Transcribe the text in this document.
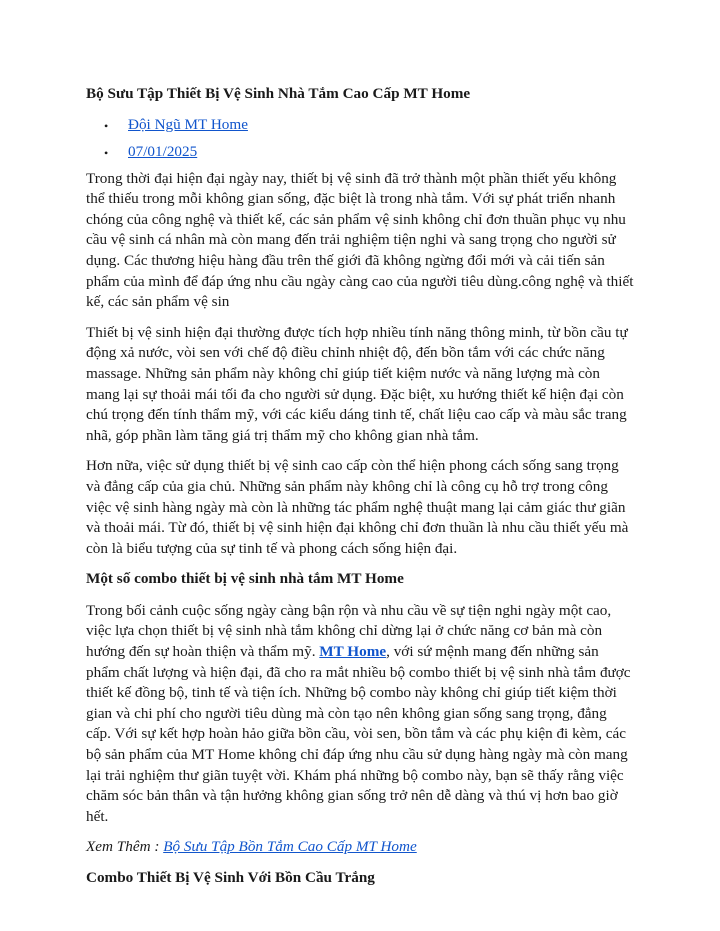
Bộ Sưu Tập Thiết Bị Vệ Sinh Nhà Tắm Cao Cấp MT Home
• Đội Ngũ MT Home
• 07/01/2025

Trong thời đại hiện đại ngày nay, thiết bị vệ sinh đã trở thành một phần thiết yếu không thể thiếu trong mỗi không gian sống, đặc biệt là trong nhà tắm. Với sự phát triển nhanh chóng của công nghệ và thiết kế, các sản phẩm vệ sinh không chỉ đơn thuần phục vụ nhu cầu vệ sinh cá nhân mà còn mang đến trải nghiệm tiện nghi và sang trọng cho người sử dụng. Các thương hiệu hàng đầu trên thế giới đã không ngừng đổi mới và cải tiến sản phẩm của mình để đáp ứng nhu cầu ngày càng cao của người tiêu dùng.công nghệ và thiết kế, các sản phẩm vệ sin

Thiết bị vệ sinh hiện đại thường được tích hợp nhiều tính năng thông minh, từ bồn cầu tự động xả nước, vòi sen với chế độ điều chỉnh nhiệt độ, đến bồn tắm với các chức năng massage. Những sản phẩm này không chỉ giúp tiết kiệm nước và năng lượng mà còn mang lại sự thoải mái tối đa cho người sử dụng. Đặc biệt, xu hướng thiết kế hiện đại còn chú trọng đến tính thẩm mỹ, với các kiểu dáng tinh tế, chất liệu cao cấp và màu sắc trang nhã, góp phần làm tăng giá trị thẩm mỹ cho không gian nhà tắm.

Hơn nữa, việc sử dụng thiết bị vệ sinh cao cấp còn thể hiện phong cách sống sang trọng và đẳng cấp của gia chủ. Những sản phẩm này không chỉ là công cụ hỗ trợ trong công việc vệ sinh hàng ngày mà còn là những tác phẩm nghệ thuật mang lại cảm giác thư giãn và thoải mái. Từ đó, thiết bị vệ sinh hiện đại không chỉ đơn thuần là nhu cầu thiết yếu mà còn là biểu tượng của sự tinh tế và phong cách sống hiện đại.

Một số combo thiết bị vệ sinh nhà tắm MT Home

Trong bối cảnh cuộc sống ngày càng bận rộn và nhu cầu về sự tiện nghi ngày một cao, việc lựa chọn thiết bị vệ sinh nhà tắm không chỉ dừng lại ở chức năng cơ bản mà còn hướng đến sự hoàn thiện và thẩm mỹ. MT Home, với sứ mệnh mang đến những sản phẩm chất lượng và hiện đại, đã cho ra mắt nhiều bộ combo thiết bị vệ sinh nhà tắm được thiết kế đồng bộ, tinh tế và tiện ích. Những bộ combo này không chỉ giúp tiết kiệm thời gian và chi phí cho người tiêu dùng mà còn tạo nên không gian sống sang trọng, đẳng cấp. Với sự kết hợp hoàn hảo giữa bồn cầu, vòi sen, bồn tắm và các phụ kiện đi kèm, các bộ sản phẩm của MT Home không chỉ đáp ứng nhu cầu sử dụng hàng ngày mà còn mang lại trải nghiệm thư giãn tuyệt vời. Khám phá những bộ combo này, bạn sẽ thấy rằng việc chăm sóc bản thân và tận hưởng không gian sống trở nên dễ dàng và thú vị hơn bao giờ hết.

Xem Thêm : Bộ Sưu Tập Bồn Tắm Cao Cấp MT Home

Combo Thiết Bị Vệ Sinh Với Bồn Cầu Trắng
